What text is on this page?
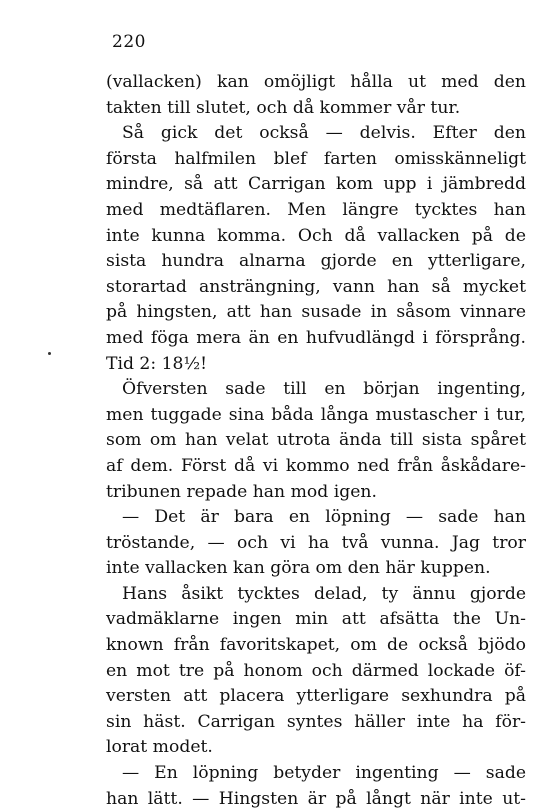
220
(vallacken) kan omöjligt hålla ut med den
takten till slutet, och då kommer vår tur.
Så gick det också — delvis. Efter den
första halfmilen blef farten omisskänneligt
mindre, så att Carrigan kom upp i jämbredd
med medtäflaren. Men längre tycktes han
inte kunna komma. Och då vallacken på de
sista hundra alnarna gjorde en ytterligare,
storartad ansträngning, vann han så mycket
på hingsten, att han susade in såsom vinnare
med föga mera än en hufvudlängd i försprång.
Tid 2: 18½!
Öfversten sade till en början ingenting,
men tuggade sina båda långa mustascher i tur,
som om han velat utrota ända till sista spåret
af dem. Först då vi kommo ned från åskådare-
tribunen repade han mod igen.
— Det är bara en löpning — sade han
tröstande, — och vi ha två vunna. Jag tror
inte vallacken kan göra om den här kuppen.
Hans åsikt tycktes delad, ty ännu gjorde
vadmäklarne ingen min att afsätta the Un-
known från favoritskapet, om de också bjödo
en mot tre på honom och därmed lockade öf-
versten att placera ytterligare sexhundra på
sin häst. Carrigan syntes häller inte ha för-
lorat modet.
— En löpning betyder ingenting — sade
han lätt. — Hingsten är på långt när inte ut-
